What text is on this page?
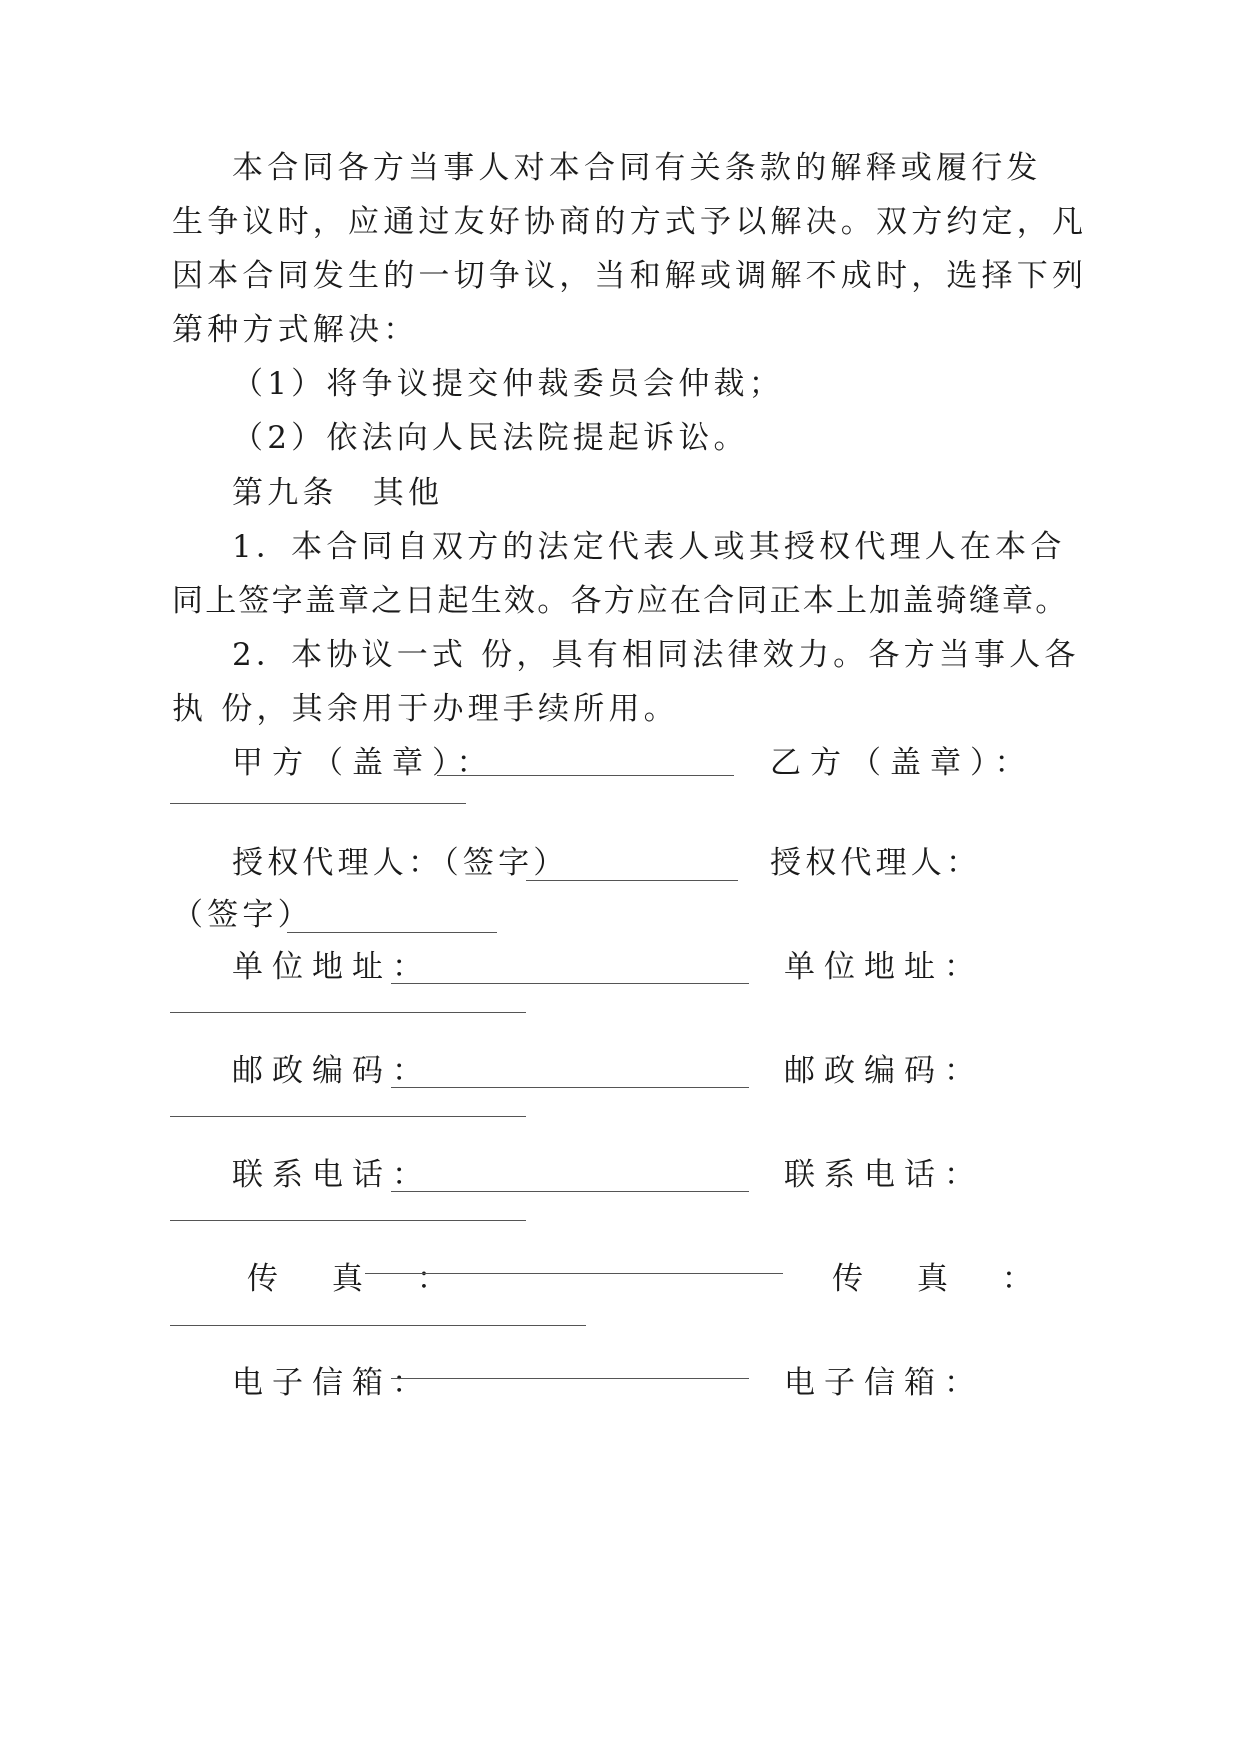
本合同各方当事人对本合同有关条款的解释或履行发
生争议时，应通过友好协商的方式予以解决。双方约定，凡
因本合同发生的一切争议，当和解或调解不成时，选择下列
第种方式解决：
（1）将争议提交仲裁委员会仲裁；
（2）依法向人民法院提起诉讼。
第九条　其他
1．本合同自双方的法定代表人或其授权代理人在本合
同上签字盖章之日起生效。各方应在合同正本上加盖骑缝章。
2．本协议一式 份，具有相同法律效力。各方当事人各
执 份，其余用于办理手续所用。
甲方（盖章）：	乙方（盖章）：
授权代理人：（签字）	授权代理人：
（签字）
单位地址：	单位地址：
邮政编码：	邮政编码：
联系电话：	联系电话：
传 真 ：	传 真 ：
电子信箱：	电子信箱：
